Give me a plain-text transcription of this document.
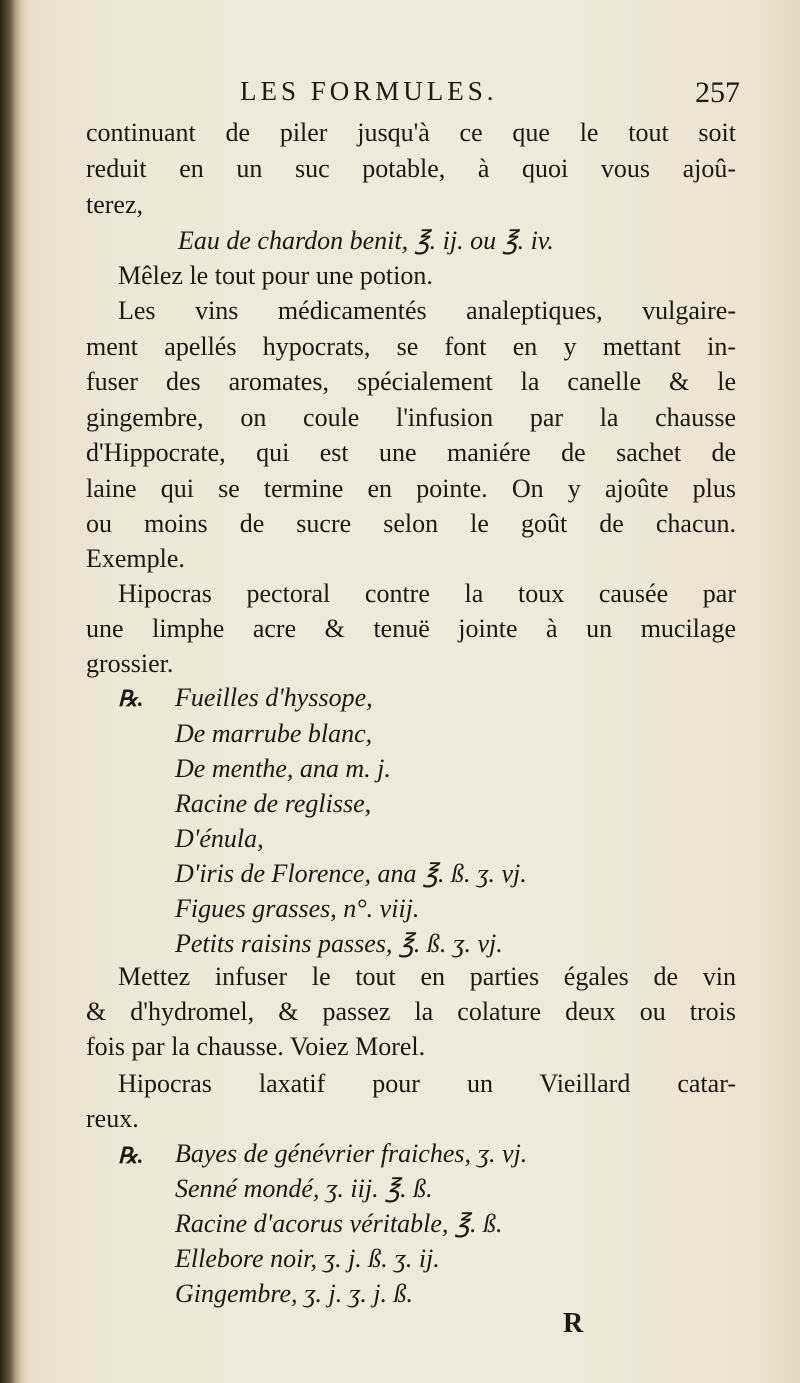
LES FORMULES.	257
continuant de piler jusqu'à ce que le tout soit
reduit en un suc potable, à quoi vous ajoû-
terez,
Eau de chardon benit, ℥. ij. ou ℥. iv.
Mêlez le tout pour une potion.
Les vins médicamentés analeptiques, vulgaire-
ment apellés hypocrats, se font en y mettant in-
fuser des aromates, spécialement la canelle & le
gingembre, on coule l'infusion par la chausse
d'Hippocrate, qui est une maniére de sachet de
laine qui se termine en pointe. On y ajoûte plus
ou moins de sucre selon le goût de chacun.
Exemple.
Hipocras pectoral contre la toux causée par
une limphe acre & tenuë jointe à un mucilage
grossier.
℞. Fueilles d'hyssope,
De marrube blanc,
De menthe, ana m. j.
Racine de reglisse,
D'énula,
D'iris de Florence, ana ℥. ß. ʒ. vj.
Figues grasses, n°. viij.
Petits raisins passes, ℥. ß. ʒ. vj.
Mettez infuser le tout en parties égales de vin
& d'hydromel, & passez la colature deux ou trois
fois par la chausse. Voiez Morel.
Hipocras laxatif pour un Vieillard catar-
reux.
℞. Bayes de génévrier fraiches, ʒ. vj.
Senné mondé, ʒ. iij. ℥. ß.
Racine d'acorus véritable, ℥. ß.
Ellebore noir, ʒ. j. ß. ʒ. ij.
Gingembre, ʒ. j. ʒ. j. ß.
R
